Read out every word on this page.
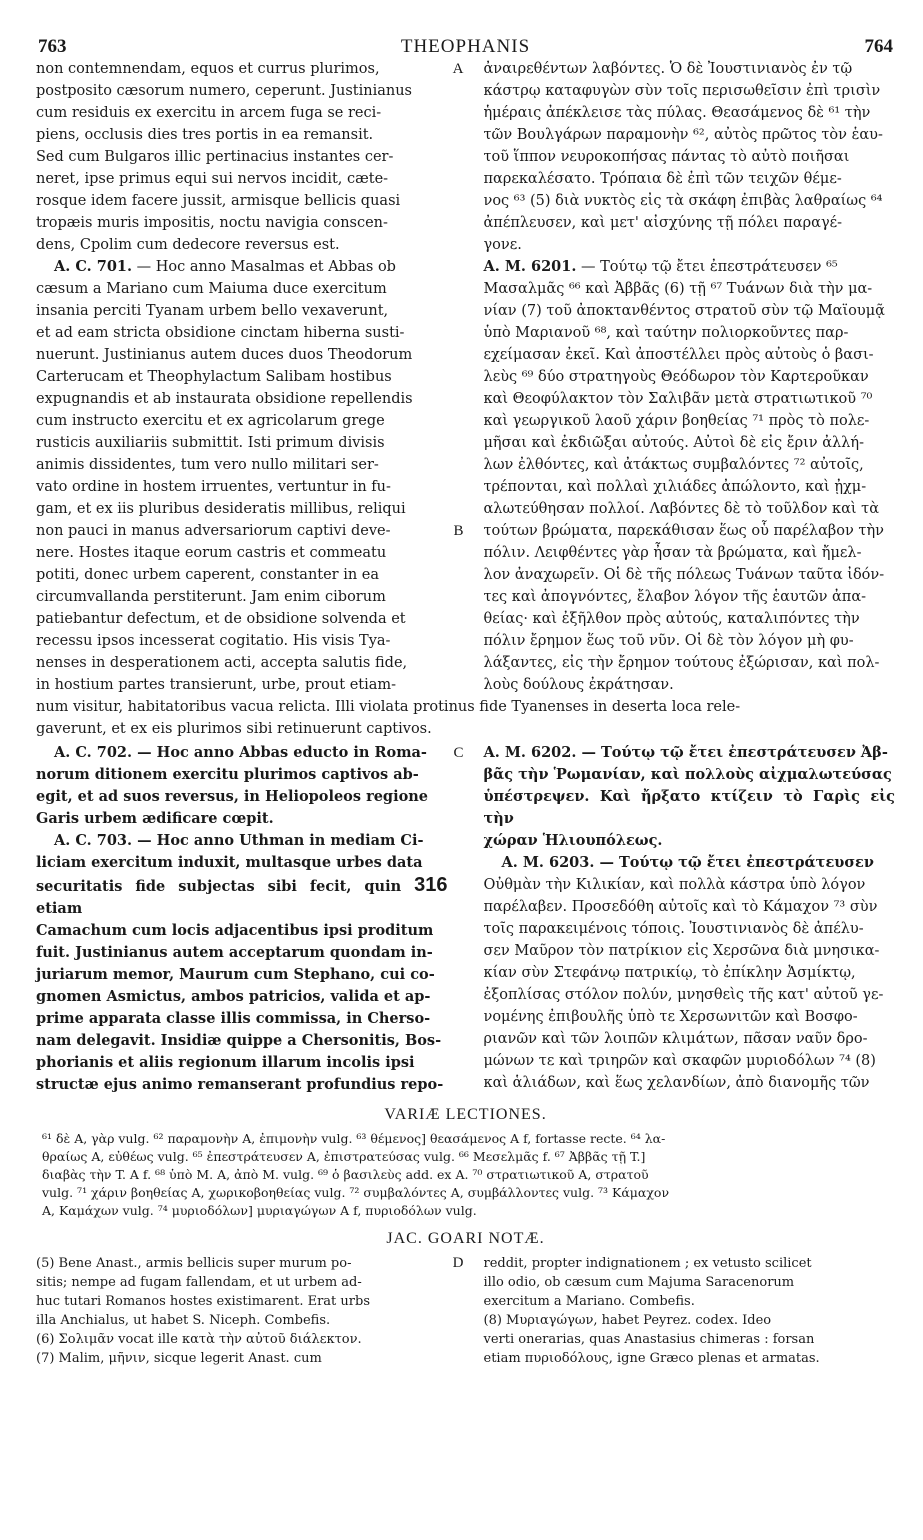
763	THEOPHANIS	764
A
B
non contemnendam, equos et currus plurimos,
postposito cæsorum numero, ceperunt. Justinianus
cum residuis ex exercitu in arcem fuga se reci-
piens, occlusis dies tres portis in ea remansit.
Sed cum Bulgaros illic pertinacius instantes cer-
neret, ipse primus equi sui nervos incidit, cæte-
rosque idem facere jussit, armisque bellicis quasi
tropæis muris impositis, noctu navigia conscen-
dens, Cpolim cum dedecore reversus est.
A. C. 701. — Hoc anno Masalmas et Abbas ob
cæsum a Mariano cum Maiuma duce exercitum
insania perciti Tyanam urbem bello vexaverunt,
et ad eam stricta obsidione cinctam hiberna susti-
nuerunt. Justinianus autem duces duos Theodorum
Carterucam et Theophylactum Salibam hostibus
expugnandis et ab instaurata obsidione repellendis
cum instructo exercitu et ex agricolarum grege
rusticis auxiliariis submittit. Isti primum divisis
animis dissidentes, tum vero nullo militari ser-
vato ordine in hostem irruentes, vertuntur in fu-
gam, et ex iis pluribus desideratis millibus, reliqui
non pauci in manus adversariorum captivi deve-
nere. Hostes itaque eorum castris et commeatu
potiti, donec urbem caperent, constanter in ea
circumvallanda perstiterunt. Jam enim ciborum
patiebantur defectum, et de obsidione solvenda et
recessu ipsos incesserat cogitatio. His visis Tya-
nenses in desperationem acti, accepta salutis fide,
in hostium partes transierunt, urbe, prout etiam-
ἀναιρεθέντων λαβόντες. Ὁ δὲ Ἰουστινιανὸς ἐν τῷ
κάστρῳ καταφυγὼν σὺν τοῖς περισωθεῖσιν ἐπὶ τρισὶν
ἡμέραις ἀπέκλεισε τὰς πύλας. Θεασάμενος δὲ ⁶¹ τὴν
τῶν Βουλγάρων παραμονὴν ⁶², αὐτὸς πρῶτος τὸν ἑαυ-
τοῦ ἵππον νευροκοπήσας πάντας τὸ αὐτὸ ποιῆσαι
παρεκαλέσατο. Τρόπαια δὲ ἐπὶ τῶν τειχῶν θέμε-
νος ⁶³ (5) διὰ νυκτὸς εἰς τὰ σκάφη ἐπιβὰς λαθραίως ⁶⁴
ἀπέπλευσεν, καὶ μετ' αἰσχύνης τῇ πόλει παραγέ-
γονε.
A. M. 6201. — Τούτῳ τῷ ἔτει ἐπεστράτευσεν ⁶⁵
Μασαλμᾶς ⁶⁶ καὶ Ἀββᾶς (6) τῇ ⁶⁷ Τυάνων διὰ τὴν μα-
νίαν (7) τοῦ ἀποκτανθέντος στρατοῦ σὺν τῷ Μαϊουμᾷ
ὑπὸ Μαριανοῦ ⁶⁸, καὶ ταύτην πολιορκοῦντες παρ-
εχείμασαν ἐκεῖ. Καὶ ἀποστέλλει πρὸς αὐτοὺς ὁ βασι-
λεὺς ⁶⁹ δύο στρατηγοὺς Θεόδωρον τὸν Καρτεροῦκαν
καὶ Θεοφύλακτον τὸν Σαλιβᾶν μετὰ στρατιωτικοῦ ⁷⁰
καὶ γεωργικοῦ λαοῦ χάριν βοηθείας ⁷¹ πρὸς τὸ πολε-
μῆσαι καὶ ἐκδιῶξαι αὐτούς. Αὐτοὶ δὲ εἰς ἔριν ἀλλή-
λων ἐλθόντες, καὶ ἀτάκτως συμβαλόντες ⁷² αὐτοῖς,
τρέπονται, καὶ πολλαὶ χιλιάδες ἀπώλοντο, καὶ ᾐχμ-
αλωτεύθησαν πολλοί. Λαβόντες δὲ τὸ τοῦλδον καὶ τὰ
τούτων βρώματα, παρεκάθισαν ἕως οὗ παρέλαβον τὴν
πόλιν. Λειφθέντες γὰρ ἦσαν τὰ βρώματα, καὶ ἤμελ-
λον ἀναχωρεῖν. Οἱ δὲ τῆς πόλεως Τυάνων ταῦτα ἰδόν-
τες καὶ ἀπογνόντες, ἔλαβον λόγον τῆς ἑαυτῶν ἀπα-
θείας· καὶ ἐξῆλθον πρὸς αὐτούς, καταλιπόντες τὴν
πόλιν ἔρημον ἕως τοῦ νῦν. Οἱ δὲ τὸν λόγον μὴ φυ-
λάξαντες, εἰς τὴν ἔρημον τούτους ἐξώρισαν, καὶ πολ-
λοὺς δούλους ἐκράτησαν.
num visitur, habitatoribus vacua relicta. Illi violata protinus fide Tyanenses in deserta loca rele-
gaverunt, et ex eis plurimos sibi retinuerunt captivos.
C
A. C. 702. — Hoc anno Abbas educto in Roma-
norum ditionem exercitu plurimos captivos ab-
egit, et ad suos reversus, in Heliopoleos regione
Garis urbem ædificare cœpit.
A. C. 703. — Hoc anno Uthman in mediam Ci-
liciam exercitum induxit, multasque urbes data
securitatis fide subjectas sibi fecit, quin 316 etiam
Camachum cum locis adjacentibus ipsi proditum
fuit. Justinianus autem acceptarum quondam in-
juriarum memor, Maurum cum Stephano, cui co-
gnomen Asmictus, ambos patricios, valida et ap-
prime apparata classe illis commissa, in Cherso-
nam delegavit. Insidiæ quippe a Chersonitis, Bos-
phorianis et aliis regionum illarum incolis ipsi
structæ ejus animo remanserant profundius repo-
A. M. 6202. — Τούτῳ τῷ ἔτει ἐπεστράτευσεν Ἀβ-
βᾶς τὴν Ῥωμανίαν, καὶ πολλοὺς αἰχμαλωτεύσας
ὑπέστρεψεν. Καὶ ἤρξατο κτίζειν τὸ Γαρὶς εἰς τὴν
χώραν Ἡλιουπόλεως.
A. M. 6203. — Τούτῳ τῷ ἔτει ἐπεστράτευσεν
Οὐθμὰν τὴν Κιλικίαν, καὶ πολλὰ κάστρα ὑπὸ λόγον
παρέλαβεν. Προσεδόθη αὐτοῖς καὶ τὸ Κάμαχον ⁷³ σὺν
τοῖς παρακειμένοις τόποις. Ἰουστινιανὸς δὲ ἀπέλυ-
σεν Μαῦρον τὸν πατρίκιον εἰς Χερσῶνα διὰ μνησικα-
κίαν σὺν Στεφάνῳ πατρικίῳ, τὸ ἐπίκλην Ἀσμίκτῳ,
ἐξοπλίσας στόλον πολύν, μνησθεὶς τῆς κατ' αὐτοῦ γε-
νομένης ἐπιβουλῆς ὑπὸ τε Χερσωνιτῶν καὶ Βοσφο-
ριανῶν καὶ τῶν λοιπῶν κλιμάτων, πᾶσαν ναῦν δρο-
μώνων τε καὶ τριηρῶν καὶ σκαφῶν μυριοδόλων ⁷⁴ (8)
καὶ ἁλιάδων, καὶ ἕως χελανδίων, ἀπὸ διανομῆς τῶν
VARIÆ LECTIONES.
⁶¹ δὲ A, γὰρ vulg. ⁶² παραμονὴν A, ἐπιμονὴν vulg. ⁶³ θέμενος] θεασάμενος A f, fortasse recte. ⁶⁴ λα-
θραίως A, εὐθέως vulg. ⁶⁵ ἐπεστράτευσεν A, ἐπιστρατεύσας vulg. ⁶⁶ Μεσελμᾶς f. ⁶⁷ Ἀββᾶς τῇ T.]
διαβὰς τὴν T. A f. ⁶⁸ ὑπὸ M. A, ἀπὸ M. vulg. ⁶⁹ ὁ βασιλεὺς add. ex A. ⁷⁰ στρατιωτικοῦ A, στρατοῦ
vulg. ⁷¹ χάριν βοηθείας A, χωρικοβοηθείας vulg. ⁷² συμβαλόντες A, συμβάλλοντες vulg. ⁷³ Κάμαχον
A, Καμάχων vulg. ⁷⁴ μυριοδόλων] μυριαγώγων A f, πυριοδόλων vulg.
JAC. GOARI NOTÆ.
D
(5) Bene Anast., armis bellicis super murum po-
sitis; nempe ad fugam fallendam, et ut urbem ad-
huc tutari Romanos hostes existimarent. Erat urbs
illa Anchialus, ut habet S. Niceph. Combefis.
(6) Σολιμᾶν vocat ille κατὰ τὴν αὐτοῦ διάλεκτον.
(7) Malim, μῆνιν, sicque legerit Anast. cum
reddit, propter indignationem ; ex vetusto scilicet
illo odio, ob cæsum cum Majuma Saracenorum
exercitum a Mariano. Combefis.
(8) Μυριαγώγων, habet Peyrez. codex. Ideo
verti onerarias, quas Anastasius chimeras : forsan
etiam πυριοδόλους, igne Græco plenas et armatas.
